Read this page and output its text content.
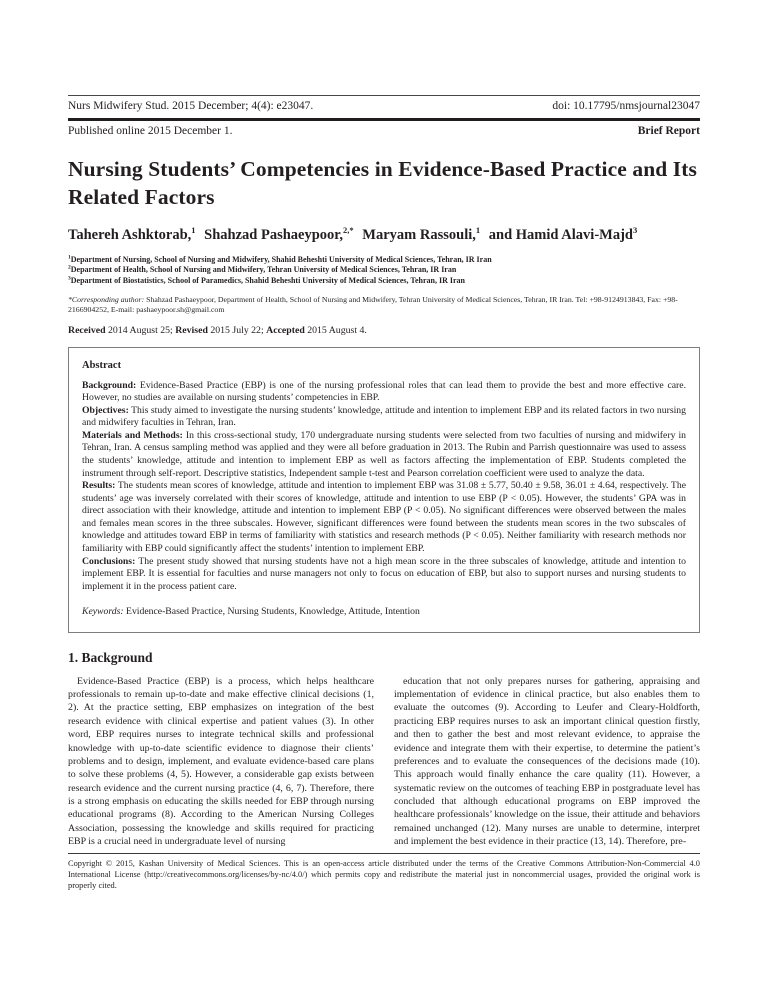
Nurs Midwifery Stud. 2015 December; 4(4): e23047.	doi: 10.17795/nmsjournal23047
Published online 2015 December 1.	Brief Report
Nursing Students’ Competencies in Evidence-Based Practice and Its Related Factors
Tahereh Ashktorab,$^1$ Shahzad Pashaeypoor,$^{2,*}$ Maryam Rassouli,$^1$ and Hamid Alavi-Majd$^3$
$^1$Department of Nursing, School of Nursing and Midwifery, Shahid Beheshti University of Medical Sciences, Tehran, IR Iran
$^2$Department of Health, School of Nursing and Midwifery, Tehran University of Medical Sciences, Tehran, IR Iran
$^3$Department of Biostatistics, School of Paramedics, Shahid Beheshti University of Medical Sciences, Tehran, IR Iran
*Corresponding author: Shahzad Pashaeypoor, Department of Health, School of Nursing and Midwifery, Tehran University of Medical Sciences, Tehran, IR Iran. Tel: +98-9124913843, Fax: +98-2166904252, E-mail: pashaeypoor.sh@gmail.com
Received 2014 August 25; Revised 2015 July 22; Accepted 2015 August 4.
Abstract

Background: Evidence-Based Practice (EBP) is one of the nursing professional roles that can lead them to provide the best and more effective care. However, no studies are available on nursing students’ competencies in EBP.

Objectives: This study aimed to investigate the nursing students’ knowledge, attitude and intention to implement EBP and its related factors in two nursing and midwifery faculties in Tehran, Iran.

Materials and Methods: In this cross-sectional study, 170 undergraduate nursing students were selected from two faculties of nursing and midwifery in Tehran, Iran. A census sampling method was applied and they were all before graduation in 2013. The Rubin and Parrish questionnaire was used to assess the students’ knowledge, attitude and intention to implement EBP as well as factors affecting the implementation of EBP. Students completed the instrument through self-report. Descriptive statistics, Independent sample t-test and Pearson correlation coefficient were used to analyze the data.

Results: The students mean scores of knowledge, attitude and intention to implement EBP was 31.08 ± 5.77, 50.40 ± 9.58, 36.01 ± 4.64, respectively. The students’ age was inversely correlated with their scores of knowledge, attitude and intention to use EBP (P < 0.05). However, the students’ GPA was in direct association with their knowledge, attitude and intention to implement EBP (P < 0.05). No significant differences were observed between the males and females mean scores in the three subscales. However, significant differences were found between the students mean scores in the two subscales of knowledge and attitudes toward EBP in terms of familiarity with statistics and research methods (P < 0.05). Neither familiarity with research methods nor familiarity with EBP could significantly affect the students’ intention to implement EBP.

Conclusions: The present study showed that nursing students have not a high mean score in the three subscales of knowledge, attitude and intention to implement EBP. It is essential for faculties and nurse managers not only to focus on education of EBP, but also to support nurses and nursing students to implement it in the process patient care.

Keywords: Evidence-Based Practice, Nursing Students, Knowledge, Attitude, Intention

1. Background
Evidence-Based Practice (EBP) is a process, which helps healthcare professionals to remain up-to-date and make effective clinical decisions (1, 2). At the practice setting, EBP emphasizes on integration of the best research evidence with clinical expertise and patient values (3). In other word, EBP requires nurses to integrate technical skills and professional knowledge with up-to-date scientific evidence to diagnose their clients’ problems and to design, implement, and evaluate evidence-based care plans to solve these problems (4, 5). However, a considerable gap exists between research evidence and the current nursing practice (4, 6, 7). Therefore, there is a strong emphasis on educating the skills needed for EBP through nursing educational programs (8). According to the American Nursing Colleges Association, possessing the knowledge and skills required for practicing EBP is a crucial need in undergraduate level of nursing
education that not only prepares nurses for gathering, appraising and implementation of evidence in clinical practice, but also enables them to evaluate the outcomes (9). According to Leufer and Cleary-Holdforth, practicing EBP requires nurses to ask an important clinical question firstly, and then to gather the best and most relevant evidence, to appraise the evidence and integrate them with their expertise, to determine the patient’s preferences and to evaluate the consequences of the decisions made (10). This approach would finally enhance the care quality (11). However, a systematic review on the outcomes of teaching EBP in postgraduate level has concluded that although educational programs on EBP improved the healthcare professionals’ knowledge on the issue, their attitude and behaviors remained unchanged (12). Many nurses are unable to determine, interpret and implement the best evidence in their practice (13, 14). Therefore, pre-
Copyright © 2015, Kashan University of Medical Sciences. This is an open-access article distributed under the terms of the Creative Commons Attribution-Non-Commercial 4.0 International License (http://creativecommons.org/licenses/by-nc/4.0/) which permits copy and redistribute the material just in noncommercial usages, provided the original work is properly cited.
